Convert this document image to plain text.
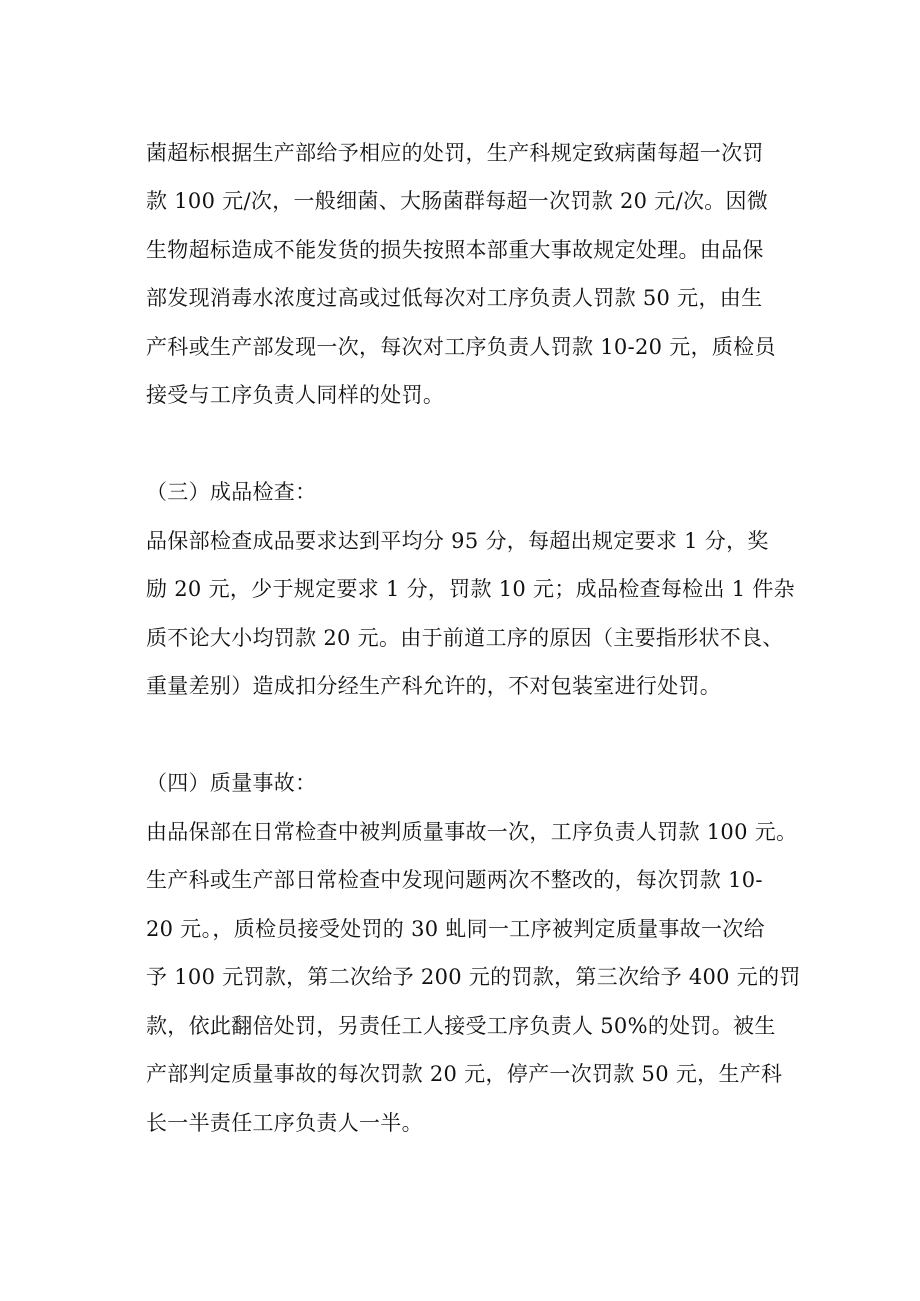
菌超标根据生产部给予相应的处罚，生产科规定致病菌每超一次罚
款 100 元/次，一般细菌、大肠菌群每超一次罚款 20 元/次。因微
生物超标造成不能发货的损失按照本部重大事故规定处理。由品保
部发现消毒水浓度过高或过低每次对工序负责人罚款 50 元，由生
产科或生产部发现一次，每次对工序负责人罚款 10-20 元，质检员
接受与工序负责人同样的处罚。
（三）成品检查：
品保部检查成品要求达到平均分 95 分，每超出规定要求 1 分，奖
励 20 元，少于规定要求 1 分，罚款 10 元；成品检查每检出 1 件杂
质不论大小均罚款 20 元。由于前道工序的原因（主要指形状不良、
重量差别）造成扣分经生产科允许的，不对包装室进行处罚。
（四）质量事故：
由品保部在日常检查中被判质量事故一次，工序负责人罚款 100 元。
生产科或生产部日常检查中发现问题两次不整改的，每次罚款 10-
20 元。，质检员接受处罚的 30 虬同一工序被判定质量事故一次给
予 100 元罚款，第二次给予 200 元的罚款，第三次给予 400 元的罚
款，依此翻倍处罚，另责任工人接受工序负责人 50%的处罚。被生
产部判定质量事故的每次罚款 20 元，停产一次罚款 50 元，生产科
长一半责任工序负责人一半。
